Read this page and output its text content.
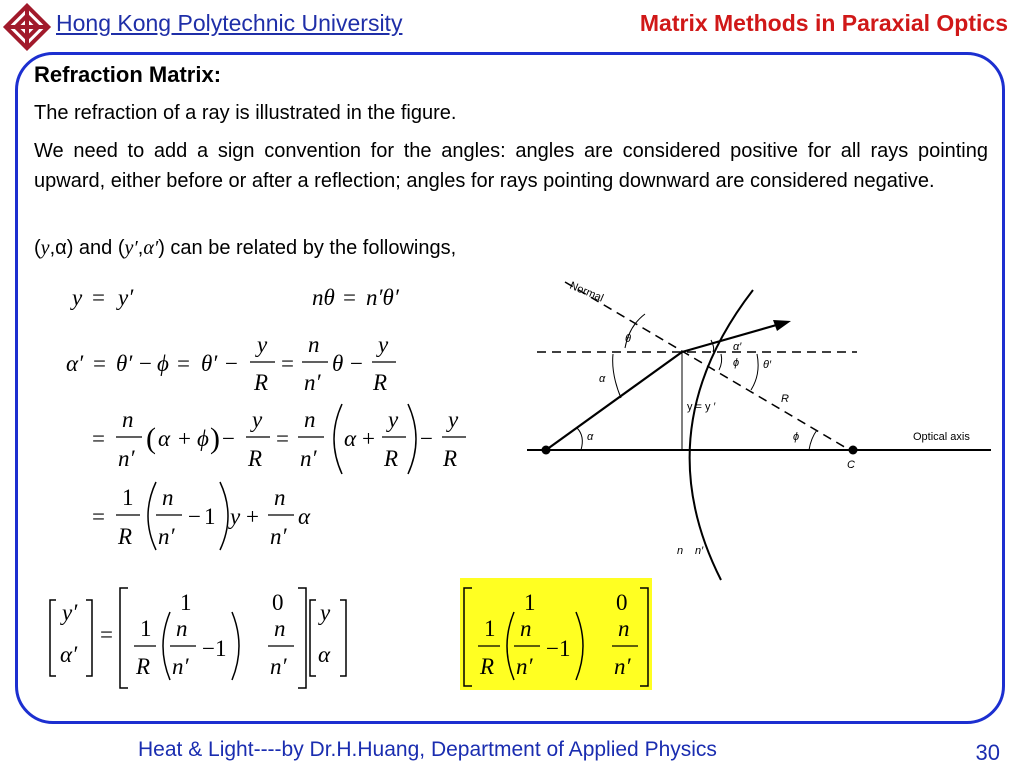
Hong Kong Polytechnic University	Matrix Methods in Paraxial Optics
Refraction Matrix:
The refraction of a ray is illustrated in the figure.
We need to add a sign convention for the angles: angles are considered positive for all rays pointing upward, either before or after a reflection; angles for rays pointing downward are considered negative.
(y,α) and (y′,α′) can be related by the followings,
y = y′	nθ = n′θ′
α′ = θ′ − ϕ = θ′ −
y
R
=
n
n′
θ −
y
R
=
n
n′
( α + ϕ ) −
y
R
=
n
n′
α +
y
R
−
y
R
=
1
R
n
n′
− 1 y +
n
n′
α
y′
α′
=
1	0
1
R
n
n′
−1
n
n′
y
α
1	0
1
R
n
n′
−1
n
n′
Normal
θ
α′
ϕ θ′
α
y = y ′
R
ϕ
α	Optical axis
C
n n′
Heat & Light----by Dr.H.Huang, Department of Applied Physics	30
